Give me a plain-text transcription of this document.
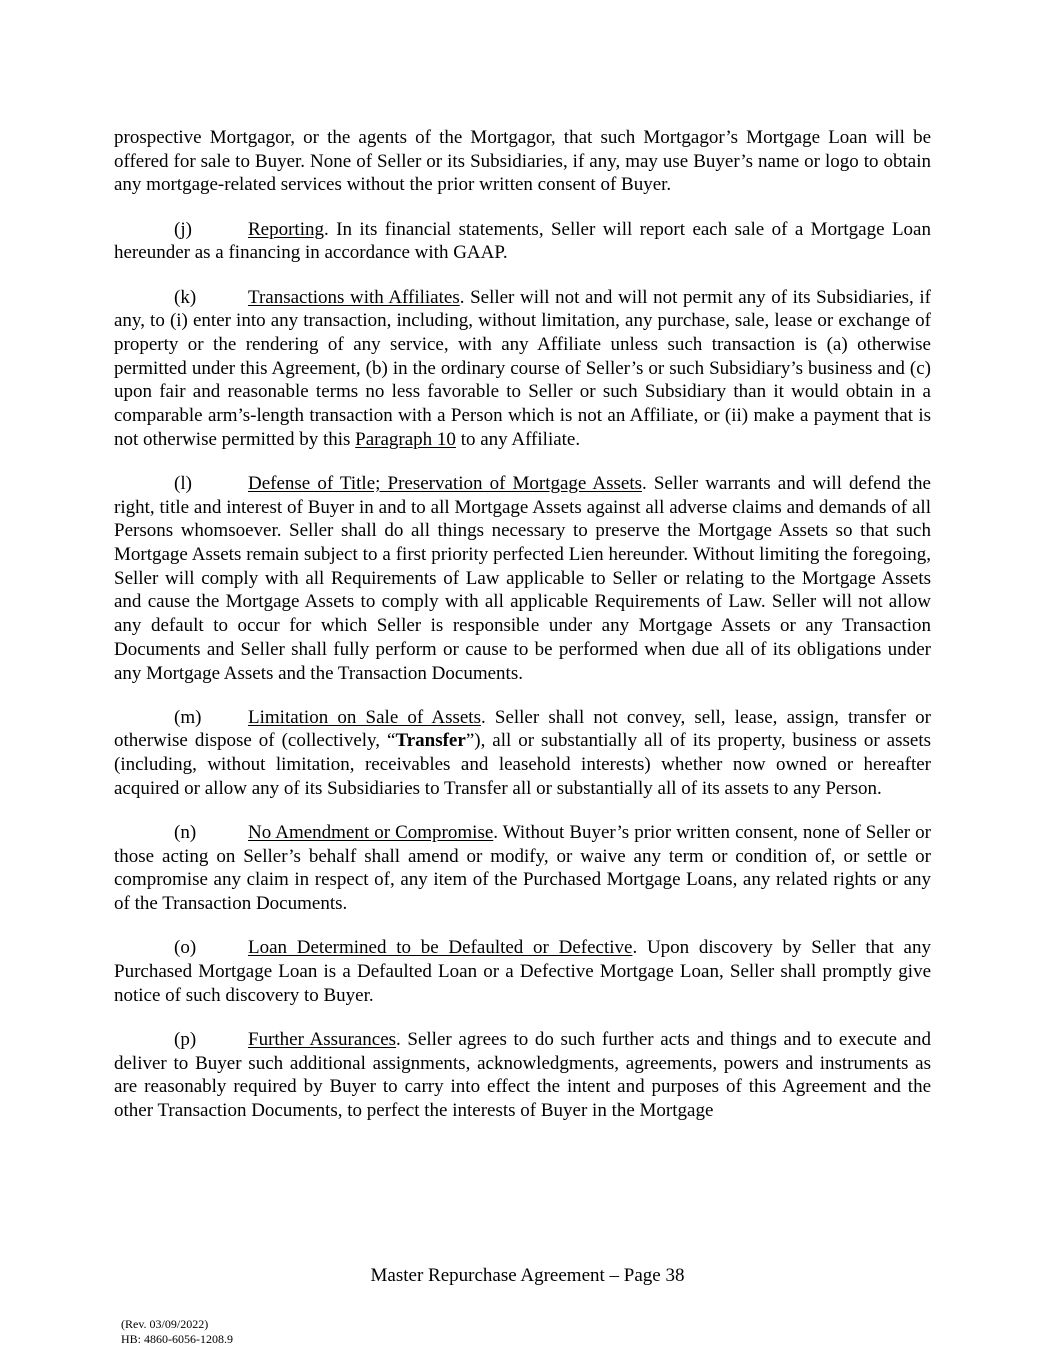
prospective Mortgagor, or the agents of the Mortgagor, that such Mortgagor’s Mortgage Loan will be offered for sale to Buyer. None of Seller or its Subsidiaries, if any, may use Buyer’s name or logo to obtain any mortgage-related services without the prior written consent of Buyer.

(j)	Reporting. In its financial statements, Seller will report each sale of a Mortgage Loan hereunder as a financing in accordance with GAAP.

(k)	Transactions with Affiliates. Seller will not and will not permit any of its Subsidiaries, if any, to (i) enter into any transaction, including, without limitation, any purchase, sale, lease or exchange of property or the rendering of any service, with any Affiliate unless such transaction is (a) otherwise permitted under this Agreement, (b) in the ordinary course of Seller’s or such Subsidiary’s business and (c) upon fair and reasonable terms no less favorable to Seller or such Subsidiary than it would obtain in a comparable arm’s-length transaction with a Person which is not an Affiliate, or (ii) make a payment that is not otherwise permitted by this Paragraph 10 to any Affiliate.

(l)	Defense of Title; Preservation of Mortgage Assets. Seller warrants and will defend the right, title and interest of Buyer in and to all Mortgage Assets against all adverse claims and demands of all Persons whomsoever. Seller shall do all things necessary to preserve the Mortgage Assets so that such Mortgage Assets remain subject to a first priority perfected Lien hereunder. Without limiting the foregoing, Seller will comply with all Requirements of Law applicable to Seller or relating to the Mortgage Assets and cause the Mortgage Assets to comply with all applicable Requirements of Law. Seller will not allow any default to occur for which Seller is responsible under any Mortgage Assets or any Transaction Documents and Seller shall fully perform or cause to be performed when due all of its obligations under any Mortgage Assets and the Transaction Documents.

(m) Limitation on Sale of Assets. Seller shall not convey, sell, lease, assign, transfer or otherwise dispose of (collectively, “Transfer”), all or substantially all of its property, business or assets (including, without limitation, receivables and leasehold interests) whether now owned or hereafter acquired or allow any of its Subsidiaries to Transfer all or substantially all of its assets to any Person.

(n)	No Amendment or Compromise. Without Buyer’s prior written consent, none of Seller or those acting on Seller’s behalf shall amend or modify, or waive any term or condition of, or settle or compromise any claim in respect of, any item of the Purchased Mortgage Loans, any related rights or any of the Transaction Documents.

(o)	Loan Determined to be Defaulted or Defective. Upon discovery by Seller that any Purchased Mortgage Loan is a Defaulted Loan or a Defective Mortgage Loan, Seller shall promptly give notice of such discovery to Buyer.

(p)	Further Assurances. Seller agrees to do such further acts and things and to execute and deliver to Buyer such additional assignments, acknowledgments, agreements, powers and instruments as are reasonably required by Buyer to carry into effect the intent and purposes of this Agreement and the other Transaction Documents, to perfect the interests of Buyer in the Mortgage

Master Repurchase Agreement – Page 38
(Rev. 03/09/2022)
HB: 4860-6056-1208.9
